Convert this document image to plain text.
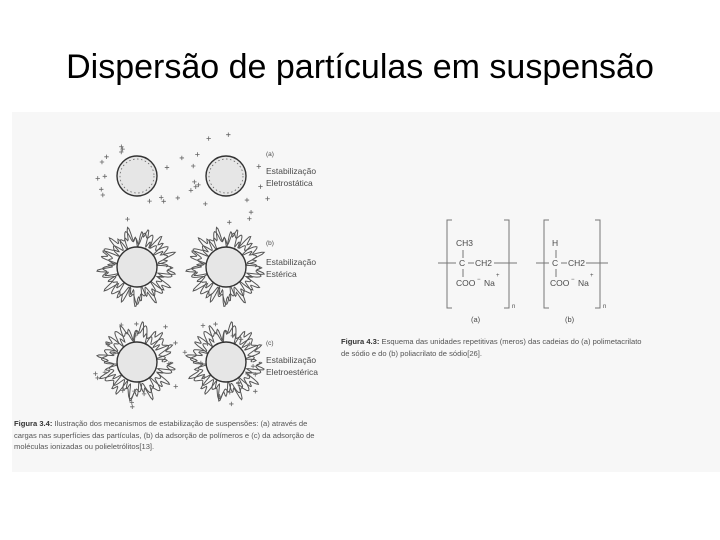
Dispersão de partículas em suspensão
(a)
Estabilização
Eletrostática
(b)
Estabilização
Estérica
(c)
Estabilização
Eletroestérica
CH3
C CH2
COO − Na
+
n
(a)
H
C CH2
COO − Na
+
n
(b)
Figura 4.3: Esquema das unidades repetitivas (meros) das cadeias do (a) polimetacrilato
de sódio e do (b) poliacrilato de sódio[26].
Figura 3.4: Ilustração dos mecanismos de estabilização de suspensões: (a) através de
cargas nas superfícies das partículas, (b) da adsorção de polímeros e (c) da adsorção de
moléculas ionizadas ou polieletrólitos[13].
